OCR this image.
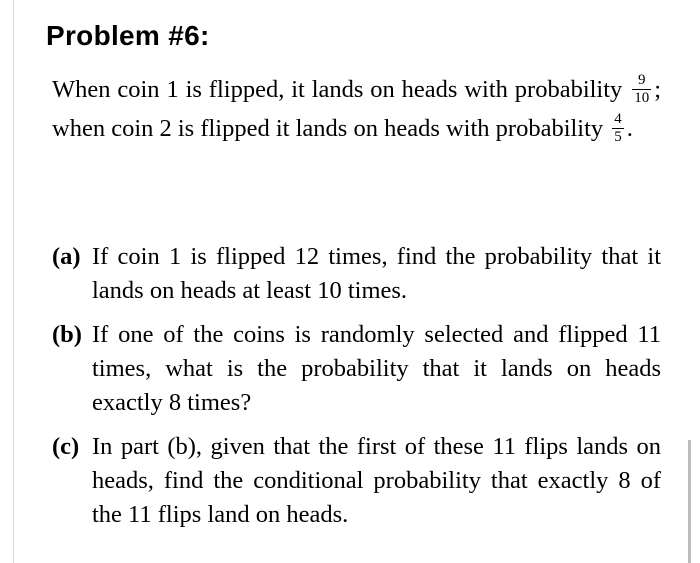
Problem #6:

When coin 1 is flipped, it lands on heads with probability $\frac{9}{10}$ ; when coin 2 is flipped it lands on heads with probability $\frac{4}{5}$ .

(a) If coin 1 is flipped 12 times, find the probability that it lands on heads at least 10 times.
(b) If one of the coins is randomly selected and flipped 11 times, what is the probability that it lands on heads exactly 8 times?
(c) In part (b), given that the first of these 11 flips lands on heads, find the conditional probability that exactly 8 of the 11 flips land on heads.
